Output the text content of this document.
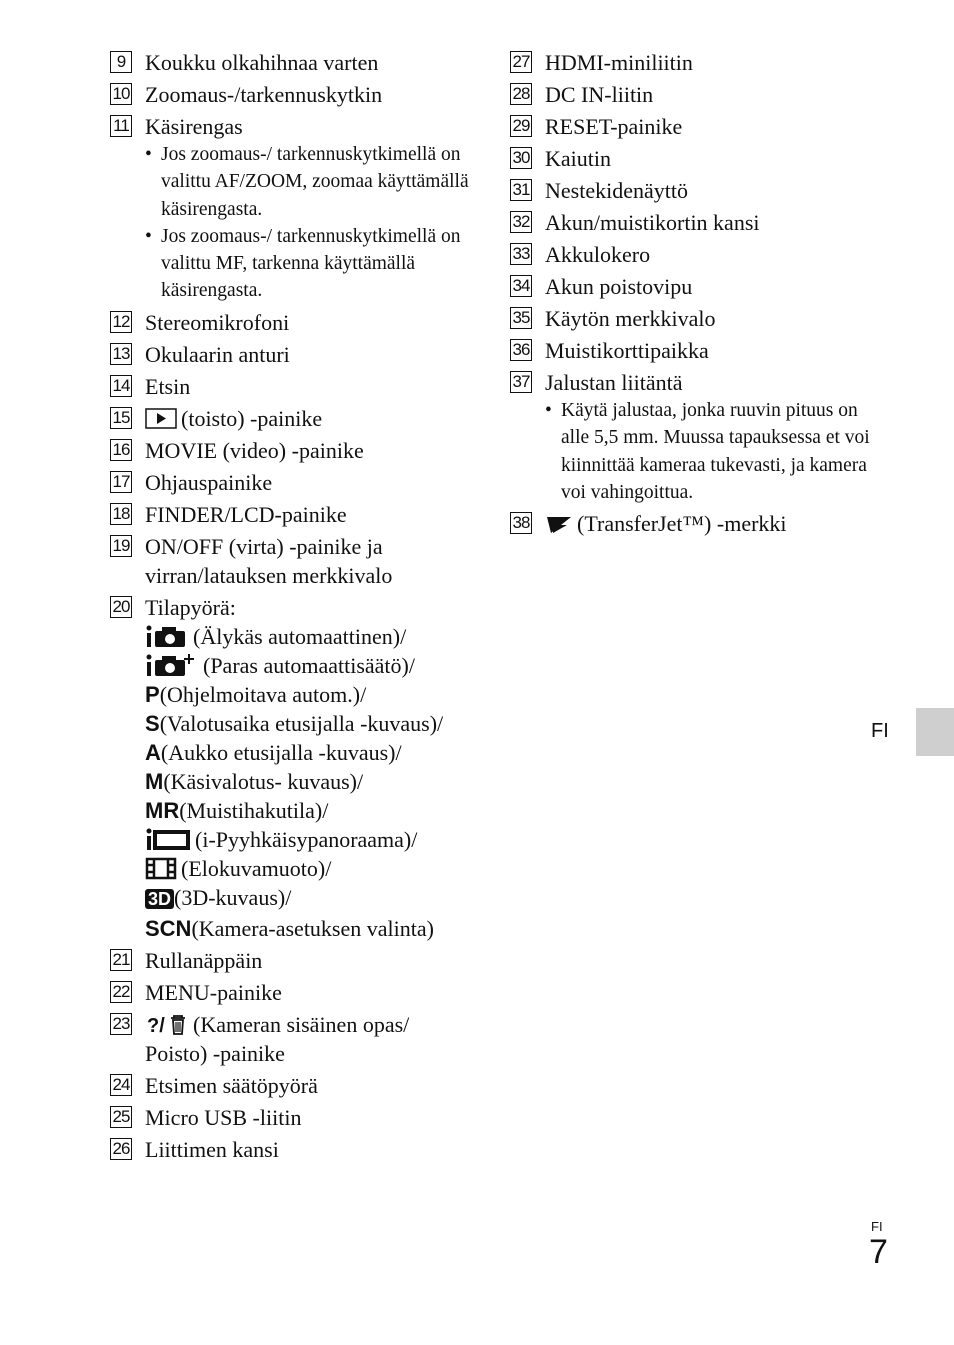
9 Koukku olkahihnaa varten
10 Zoomaus-/tarkennuskytkin
11 Käsirengas
• Jos zoomaus-/ tarkennuskytkimellä on valittu AF/ZOOM, zoomaa käyttämällä käsirengasta.
• Jos zoomaus-/ tarkennuskytkimellä on valittu MF, tarkenna käyttämällä käsirengasta.
12 Stereomikrofoni
13 Okulaarin anturi
14 Etsin
15 (toisto) -painike
16 MOVIE (video) -painike
17 Ohjauspainike
18 FINDER/LCD-painike
19 ON/OFF (virta) -painike ja virran/latauksen merkkivalo
20 Tilapyörä:
(Älykäs automaattinen)/
(Paras automaattisäätö)/
P(Ohjelmoitava autom.)/
S(Valotusaika etusijalla -kuvaus)/
A(Aukko etusijalla -kuvaus)/
M(Käsivalotus- kuvaus)/
MR(Muistihakutila)/
(i-Pyyhkäisypanoraama)/
(Elokuvamuoto)/
3D (3D-kuvaus)/
SCN(Kamera-asetuksen valinta)
21 Rullanäppäin
22 MENU-painike
23 ?/ (Kameran sisäinen opas/ Poisto) -painike
24 Etsimen säätöpyörä
25 Micro USB -liitin
26 Liittimen kansi
27 HDMI-miniliitin
28 DC IN-liitin
29 RESET-painike
30 Kaiutin
31 Nestekidenäyttö
32 Akun/muistikortin kansi
33 Akkulokero
34 Akun poistovipu
35 Käytön merkkivalo
36 Muistikorttipaikka
37 Jalustan liitäntä
• Käytä jalustaa, jonka ruuvin pituus on alle 5,5 mm. Muussa tapauksessa et voi kiinnittää kameraa tukevasti, ja kamera voi vahingoittua.
38 (TransferJet™) -merkki
FI
FI
7
